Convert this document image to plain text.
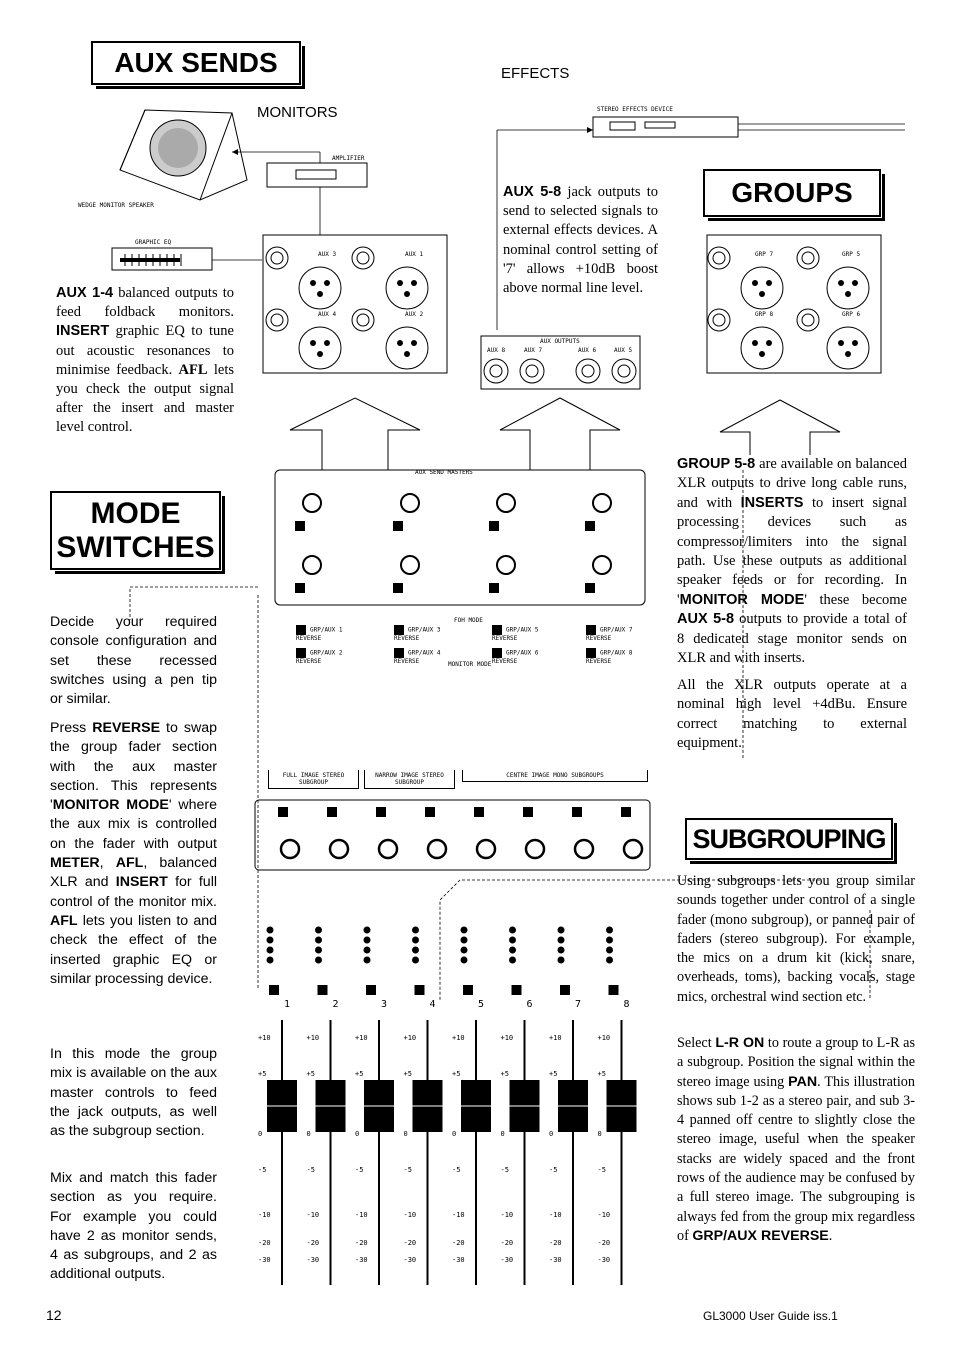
AUX SENDS
GROUPS
MODE SWITCHES
SUBGROUPING
EFFECTS
MONITORS
WEDGE MONITOR SPEAKER
AMPLIFIER
GRAPHIC EQ
STEREO EFFECTS DEVICE
AUX 3	AUX 1
AUX 4	AUX 2
AUX OUTPUTS
AUX 8	AUX 7	AUX 6	AUX 5
GRP 7	GRP 5
GRP 8	GRP 6
AUX SEND MASTERS
GRP/AUX 1 REVERSE
GRP/AUX 3 REVERSE
GRP/AUX 5 REVERSE
GRP/AUX 7 REVERSE
GRP/AUX 2 REVERSE
GRP/AUX 4 REVERSE
GRP/AUX 6 REVERSE
GRP/AUX 8 REVERSE
FOH MODE
MONITOR MODE
FULL IMAGE STEREO SUBGROUP
NARROW IMAGE STEREO SUBGROUP
CENTRE IMAGE MONO SUBGROUPS
1
+10
+5
0
-5
-10
-20
-30
2
+10
+5
0
-5
-10
-20
-30
3
+10
+5
0
-5
-10
-20
-30
4
+10
+5
0
-5
-10
-20
-30
5
+10
+5
0
-5
-10
-20
-30
6
+10
+5
0
-5
-10
-20
-30
7
+10
+5
0
-5
-10
-20
-30
8
+10
+5
0
-5
-10
-20
-30
AUX 1-4 balanced outputs to feed foldback monitors. INSERT graphic EQ to tune out acoustic resonances to minimise feedback. AFL lets you check the output signal after the insert and master level control.
AUX 5-8 jack outputs to send to selected signals to external effects devices. A nominal control setting of '7' allows +10dB boost above normal line level.
GROUP 5-8 are available on balanced XLR outputs to drive long cable runs, and with INSERTS to insert signal processing devices such as compressor/limiters into the signal path. Use these outputs as additional speaker feeds or for recording. In 'MONITOR MODE' these become AUX 5-8 outputs to provide a total of 8 dedicated stage monitor sends on XLR and with inserts.
All the XLR outputs operate at a nominal high level +4dBu. Ensure correct matching to external equipment.
Decide your required console configuration and set these recessed switches using a pen tip or similar.
Press REVERSE to swap the group fader section with the aux master section. This represents 'MONITOR MODE' where the aux mix is controlled on the fader with output METER, AFL, balanced XLR and INSERT for full control of the monitor mix. AFL lets you listen to and check the effect of the inserted graphic EQ or similar processing device.
In this mode the group mix is available on the aux master controls to feed the jack outputs, as well as the subgroup section.
Mix and match this fader section as you require. For example you could have 2 as monitor sends, 4 as subgroups, and 2 as additional outputs.
Using subgroups lets you group similar sounds together under control of a single fader (mono subgroup), or panned pair of faders (stereo subgroup). For example, the mics on a drum kit (kick, snare, overheads, toms), backing vocals, stage mics, orchestral wind section etc.
Select L-R ON to route a group to L-R as a subgroup. Position the signal within the stereo image using PAN. This illustration shows sub 1-2 as a stereo pair, and sub 3-4 panned off centre to slightly close the stereo image, useful when the speaker stacks are widely spaced and the front rows of the audience may be confused by a full stereo image. The subgrouping is always fed from the group mix regardless of GRP/AUX REVERSE.
12	GL3000 User Guide iss.1
